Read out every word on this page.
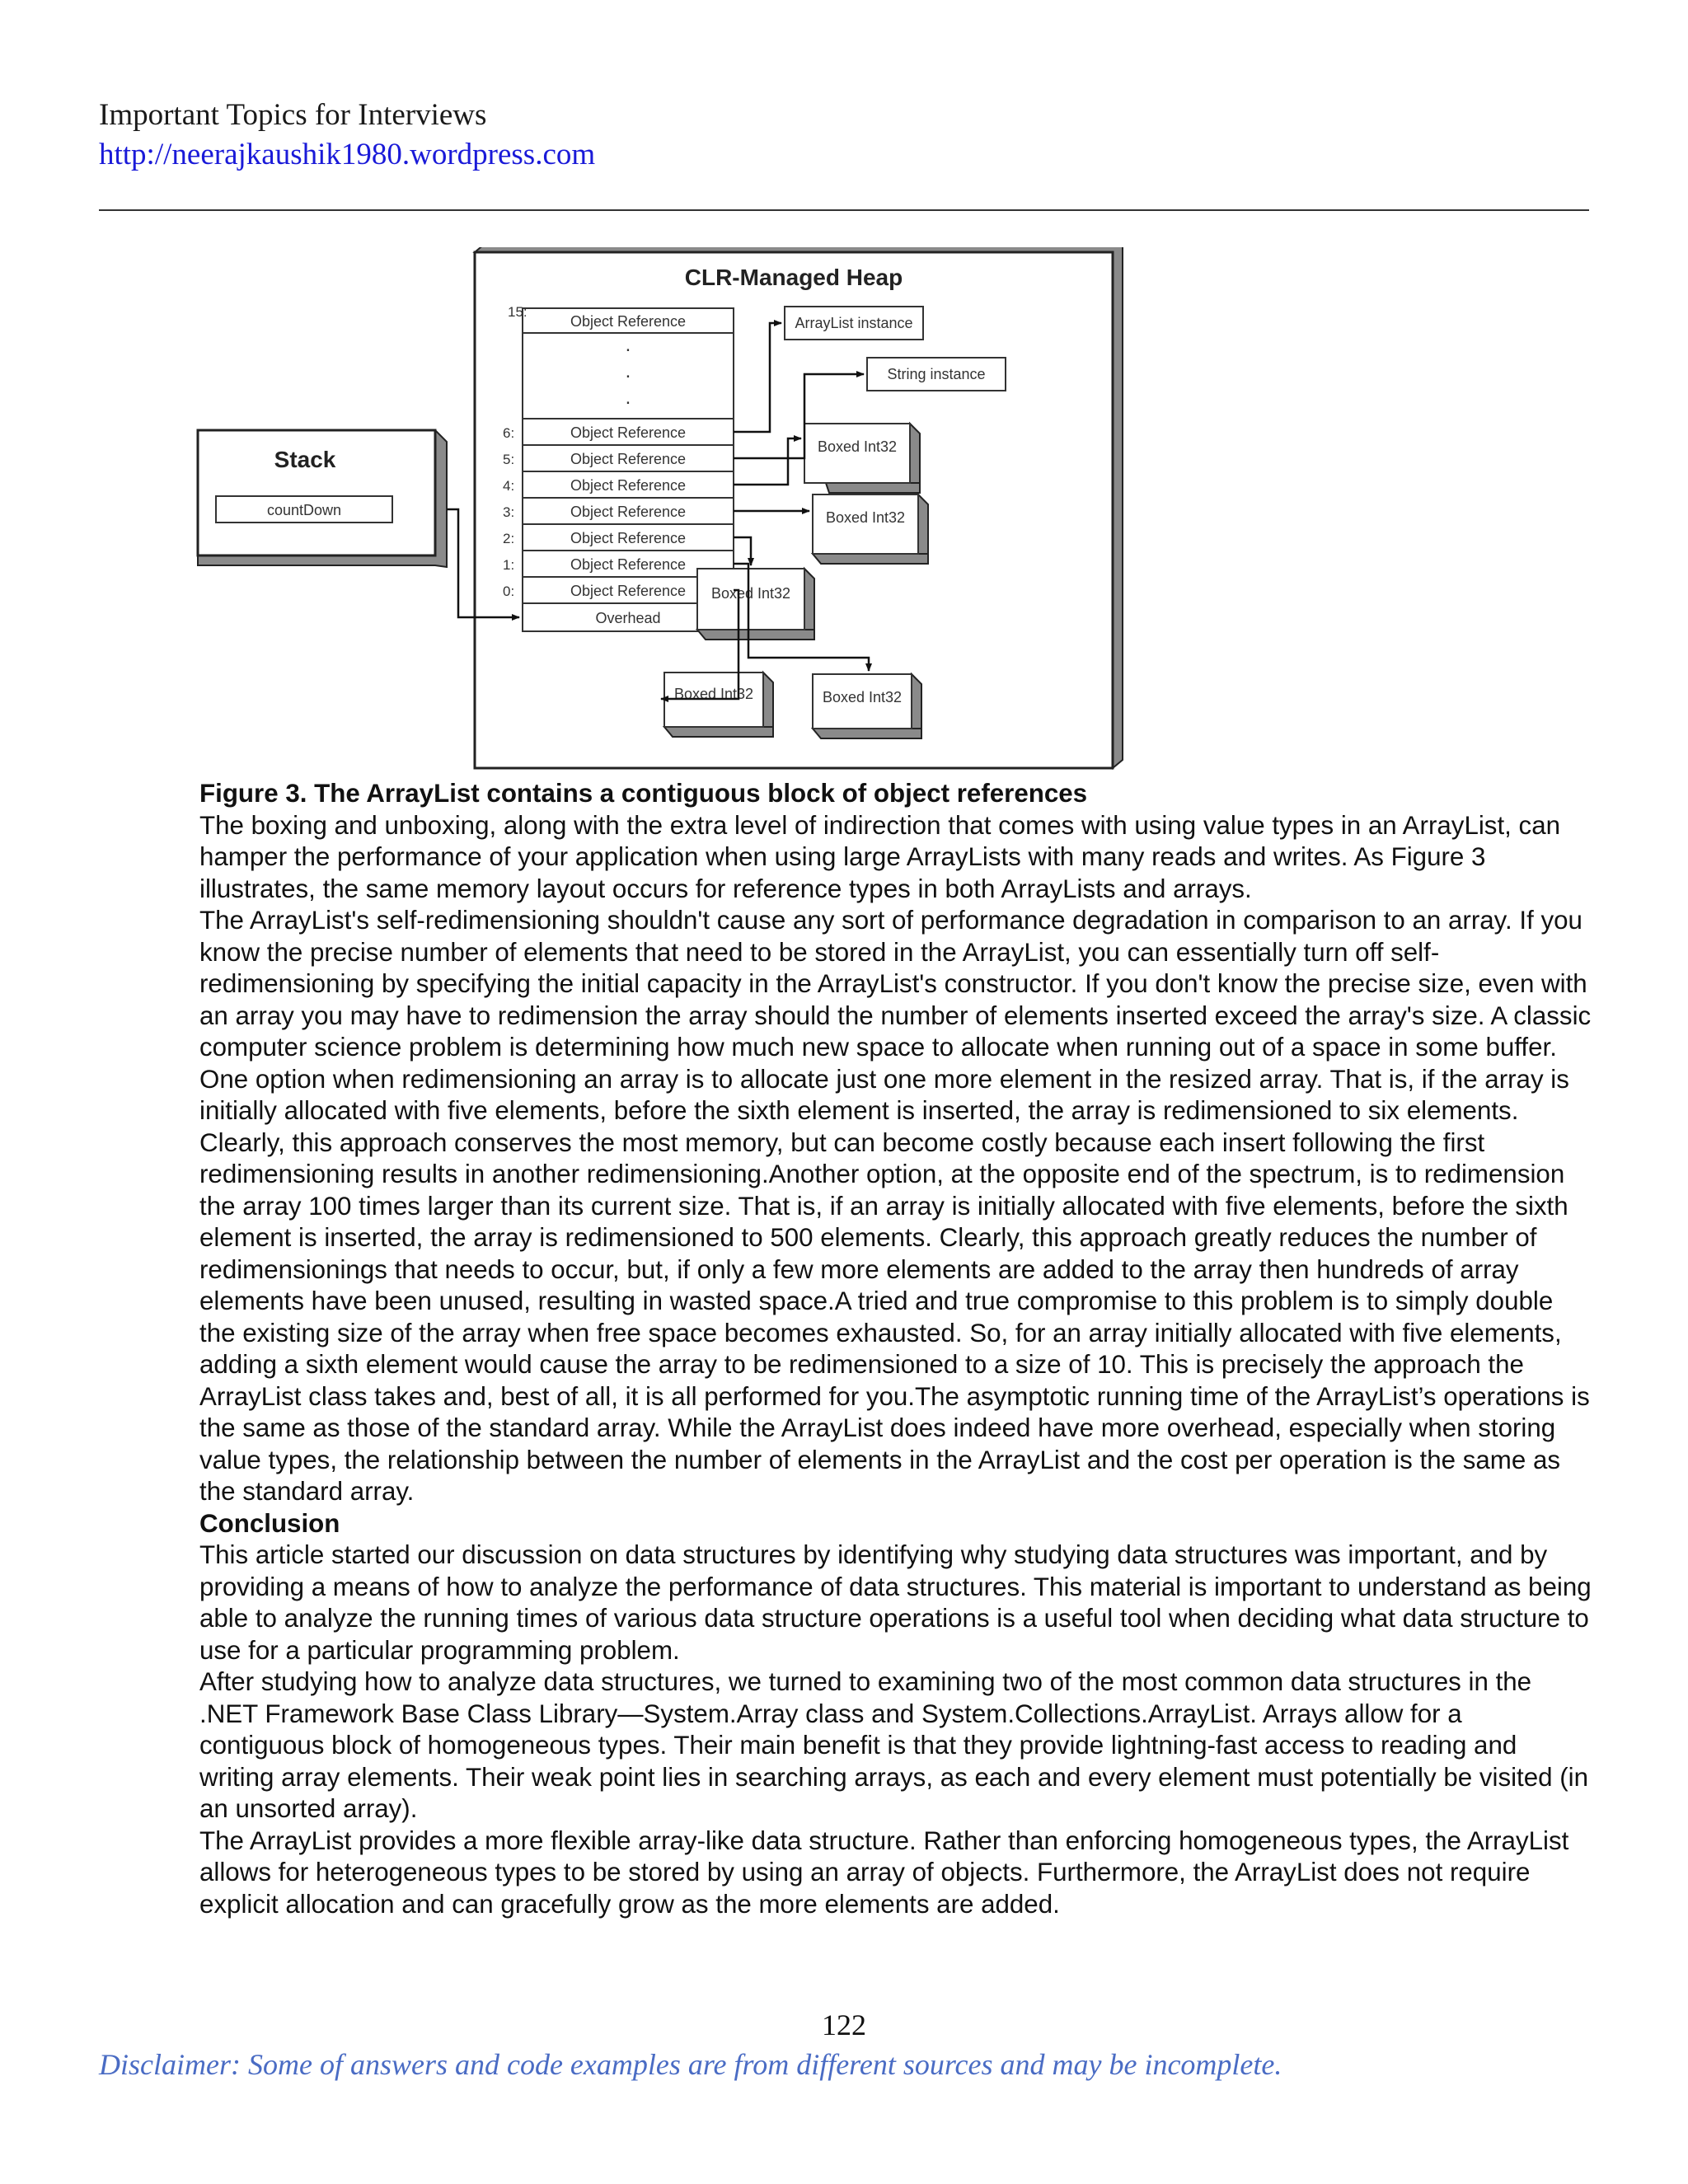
Important Topics for Interviews
http://neerajkaushik1980.wordpress.com
CLR-Managed Heap
Stack
countDown
Object Reference
.
.
.
Object Reference
Object Reference
Object Reference
Object Reference
Object Reference
Object Reference
Object Reference
Overhead
15:
6:
5:
4:
3:
2:
1:
0:
ArrayList instance
String instance
Boxed Int32
Boxed Int32
Boxed Int32
Boxed Int32	Boxed Int32

Figure 3. The ArrayList contains a contiguous block of object references

The boxing and unboxing, along with the extra level of indirection that comes with using value types in an ArrayList, can hamper the performance of your application when using large ArrayLists with many reads and writes. As Figure 3 illustrates, the same memory layout occurs for reference types in both ArrayLists and arrays.

The ArrayList's self-redimensioning shouldn't cause any sort of performance degradation in comparison to an array. If you know the precise number of elements that need to be stored in the ArrayList, you can essentially turn off self-redimensioning by specifying the initial capacity in the ArrayList's constructor. If you don't know the precise size, even with an array you may have to redimension the array should the number of elements inserted exceed the array's size. A classic computer science problem is determining how much new space to allocate when running out of a space in some buffer. One option when redimensioning an array is to allocate just one more element in the resized array. That is, if the array is initially allocated with five elements, before the sixth element is inserted, the array is redimensioned to six elements. Clearly, this approach conserves the most memory, but can become costly because each insert following the first redimensioning results in another redimensioning.Another option, at the opposite end of the spectrum, is to redimension the array 100 times larger than its current size. That is, if an array is initially allocated with five elements, before the sixth element is inserted, the array is redimensioned to 500 elements. Clearly, this approach greatly reduces the number of redimensionings that needs to occur, but, if only a few more elements are added to the array then hundreds of array elements have been unused, resulting in wasted space.A tried and true compromise to this problem is to simply double the existing size of the array when free space becomes exhausted. So, for an array initially allocated with five elements, adding a sixth element would cause the array to be redimensioned to a size of 10. This is precisely the approach the ArrayList class takes and, best of all, it is all performed for you.The asymptotic running time of the ArrayList’s operations is the same as those of the standard array. While the ArrayList does indeed have more overhead, especially when storing value types, the relationship between the number of elements in the ArrayList and the cost per operation is the same as the standard array.

Conclusion

This article started our discussion on data structures by identifying why studying data structures was important, and by providing a means of how to analyze the performance of data structures. This material is important to understand as being able to analyze the running times of various data structure operations is a useful tool when deciding what data structure to use for a particular programming problem.

After studying how to analyze data structures, we turned to examining two of the most common data structures in the .NET Framework Base Class Library—System.Array class and System.Collections.ArrayList. Arrays allow for a contiguous block of homogeneous types. Their main benefit is that they provide lightning-fast access to reading and writing array elements. Their weak point lies in searching arrays, as each and every element must potentially be visited (in an unsorted array).

The ArrayList provides a more flexible array-like data structure. Rather than enforcing homogeneous types, the ArrayList allows for heterogeneous types to be stored by using an array of objects. Furthermore, the ArrayList does not require explicit allocation and can gracefully grow as the more elements are added.

122
Disclaimer: Some of answers and code examples are from different sources and may be incomplete.
